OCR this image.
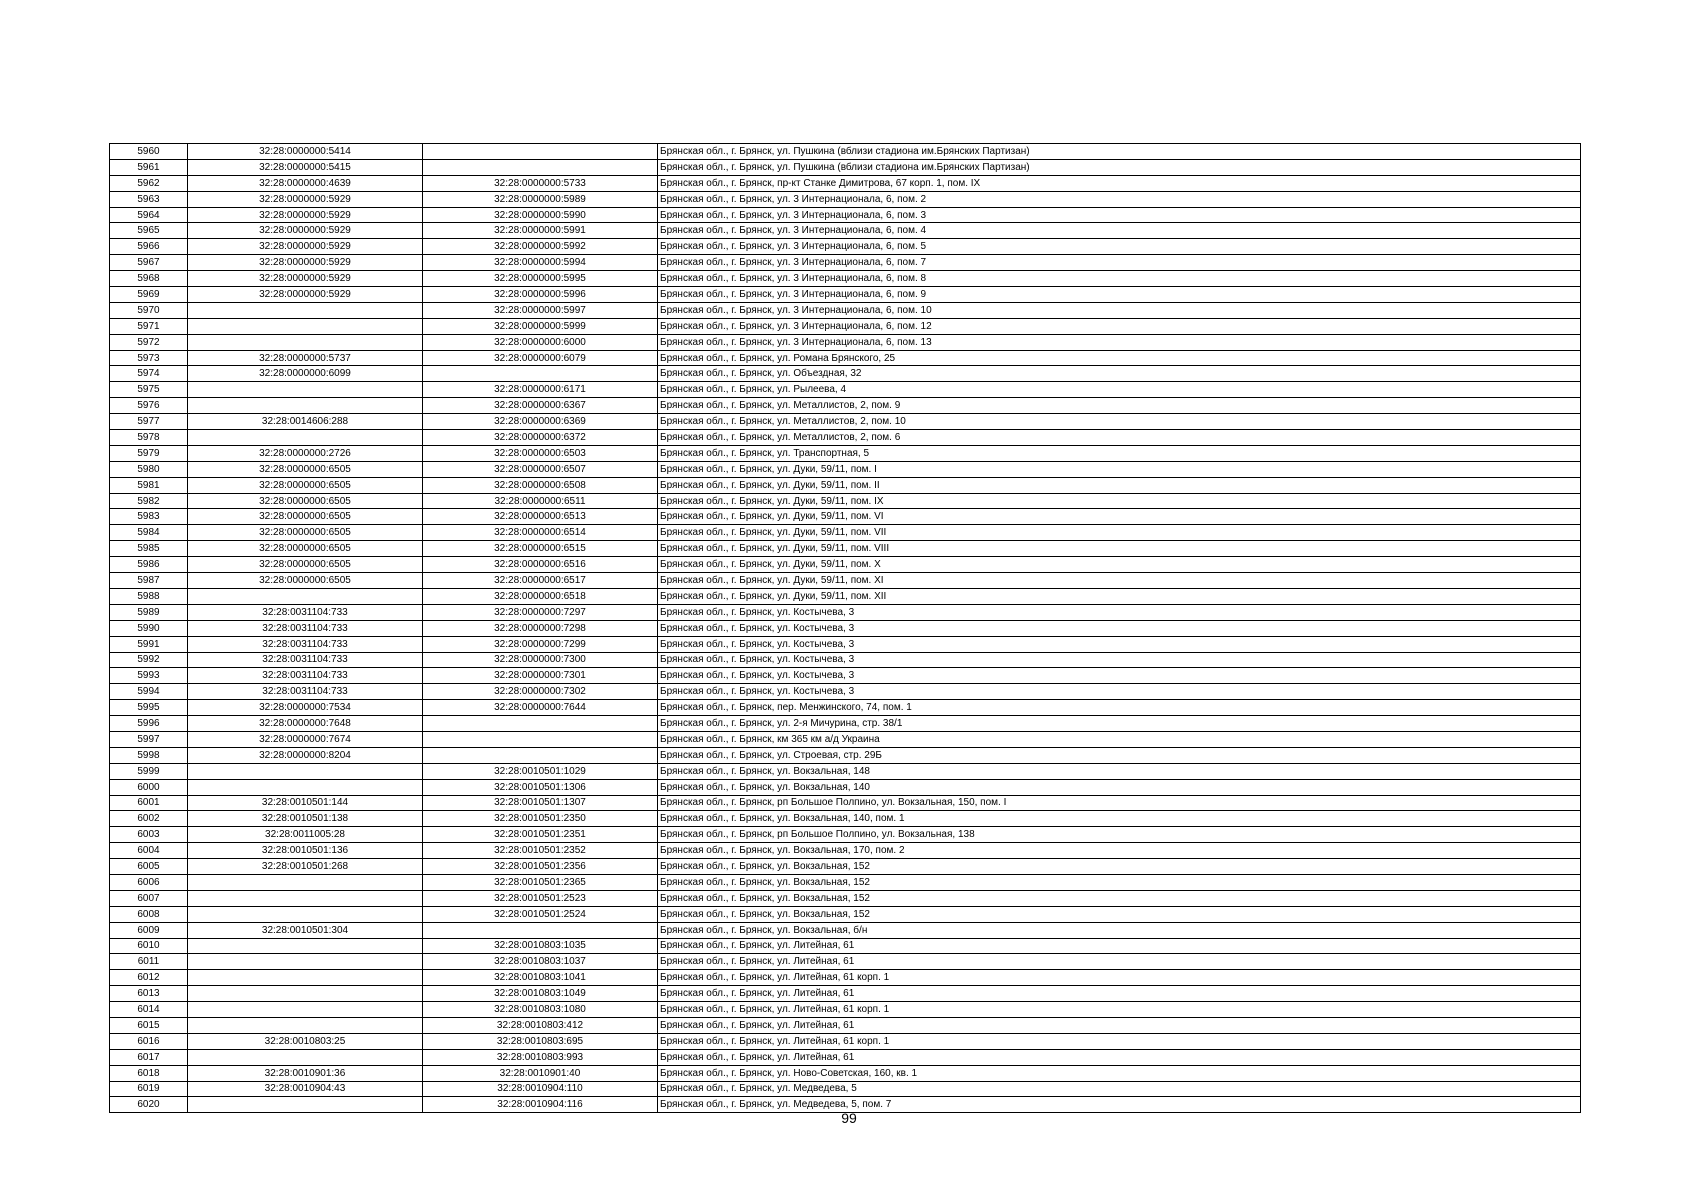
5960	32:28:0000000:5414		Брянская обл., г. Брянск, ул. Пушкина (вблизи стадиона им.Брянских Партизан)
5961	32:28:0000000:5415		Брянская обл., г. Брянск, ул. Пушкина (вблизи стадиона им.Брянских Партизан)
5962	32:28:0000000:4639	32:28:0000000:5733	Брянская обл., г. Брянск, пр-кт Станке Димитрова, 67 корп. 1, пом. IX
5963	32:28:0000000:5929	32:28:0000000:5989	Брянская обл., г. Брянск, ул. 3 Интернационала, 6, пом. 2
5964	32:28:0000000:5929	32:28:0000000:5990	Брянская обл., г. Брянск, ул. 3 Интернационала, 6, пом. 3
5965	32:28:0000000:5929	32:28:0000000:5991	Брянская обл., г. Брянск, ул. 3 Интернационала, 6, пом. 4
5966	32:28:0000000:5929	32:28:0000000:5992	Брянская обл., г. Брянск, ул. 3 Интернационала, 6, пом. 5
5967	32:28:0000000:5929	32:28:0000000:5994	Брянская обл., г. Брянск, ул. 3 Интернационала, 6, пом. 7
5968	32:28:0000000:5929	32:28:0000000:5995	Брянская обл., г. Брянск, ул. 3 Интернационала, 6, пом. 8
5969	32:28:0000000:5929	32:28:0000000:5996	Брянская обл., г. Брянск, ул. 3 Интернационала, 6, пом. 9
5970		32:28:0000000:5997	Брянская обл., г. Брянск, ул. 3 Интернационала, 6, пом. 10
5971		32:28:0000000:5999	Брянская обл., г. Брянск, ул. 3 Интернационала, 6, пом. 12
5972		32:28:0000000:6000	Брянская обл., г. Брянск, ул. 3 Интернационала, 6, пом. 13
5973	32:28:0000000:5737	32:28:0000000:6079	Брянская обл., г. Брянск, ул. Романа Брянского, 25
5974	32:28:0000000:6099		Брянская обл., г. Брянск, ул. Объездная, 32
5975		32:28:0000000:6171	Брянская обл., г. Брянск, ул. Рылеева, 4
5976		32:28:0000000:6367	Брянская обл., г. Брянск, ул. Металлистов, 2, пом. 9
5977	32:28:0014606:288	32:28:0000000:6369	Брянская обл., г. Брянск, ул. Металлистов, 2, пом. 10
5978		32:28:0000000:6372	Брянская обл., г. Брянск, ул. Металлистов, 2, пом. 6
5979	32:28:0000000:2726	32:28:0000000:6503	Брянская обл., г. Брянск, ул. Транспортная, 5
5980	32:28:0000000:6505	32:28:0000000:6507	Брянская обл., г. Брянск, ул. Дуки, 59/11, пом. I
5981	32:28:0000000:6505	32:28:0000000:6508	Брянская обл., г. Брянск, ул. Дуки, 59/11, пом. II
5982	32:28:0000000:6505	32:28:0000000:6511	Брянская обл., г. Брянск, ул. Дуки, 59/11, пом. IX
5983	32:28:0000000:6505	32:28:0000000:6513	Брянская обл., г. Брянск, ул. Дуки, 59/11, пом. VI
5984	32:28:0000000:6505	32:28:0000000:6514	Брянская обл., г. Брянск, ул. Дуки, 59/11, пом. VII
5985	32:28:0000000:6505	32:28:0000000:6515	Брянская обл., г. Брянск, ул. Дуки, 59/11, пом. VIII
5986	32:28:0000000:6505	32:28:0000000:6516	Брянская обл., г. Брянск, ул. Дуки, 59/11, пом. X
5987	32:28:0000000:6505	32:28:0000000:6517	Брянская обл., г. Брянск, ул. Дуки, 59/11, пом. XI
5988		32:28:0000000:6518	Брянская обл., г. Брянск, ул. Дуки, 59/11, пом. XII
5989	32:28:0031104:733	32:28:0000000:7297	Брянская обл., г. Брянск, ул. Костычева, 3
5990	32:28:0031104:733	32:28:0000000:7298	Брянская обл., г. Брянск, ул. Костычева, 3
5991	32:28:0031104:733	32:28:0000000:7299	Брянская обл., г. Брянск, ул. Костычева, 3
5992	32:28:0031104:733	32:28:0000000:7300	Брянская обл., г. Брянск, ул. Костычева, 3
5993	32:28:0031104:733	32:28:0000000:7301	Брянская обл., г. Брянск, ул. Костычева, 3
5994	32:28:0031104:733	32:28:0000000:7302	Брянская обл., г. Брянск, ул. Костычева, 3
5995	32:28:0000000:7534	32:28:0000000:7644	Брянская обл., г. Брянск, пер. Менжинского, 74, пом. 1
5996	32:28:0000000:7648		Брянская обл., г. Брянск, ул. 2-я Мичурина, стр. 38/1
5997	32:28:0000000:7674		Брянская обл., г. Брянск, км 365 км а/д Украина
5998	32:28:0000000:8204		Брянская обл., г. Брянск, ул. Строевая, стр. 29Б
5999		32:28:0010501:1029	Брянская обл., г. Брянск, ул. Вокзальная, 148
6000		32:28:0010501:1306	Брянская обл., г. Брянск, ул. Вокзальная, 140
6001	32:28:0010501:144	32:28:0010501:1307	Брянская обл., г. Брянск, рп Большое Полпино, ул. Вокзальная, 150, пом. I
6002	32:28:0010501:138	32:28:0010501:2350	Брянская обл., г. Брянск, ул. Вокзальная, 140, пом. 1
6003	32:28:0011005:28	32:28:0010501:2351	Брянская обл., г. Брянск, рп Большое Полпино, ул. Вокзальная, 138
6004	32:28:0010501:136	32:28:0010501:2352	Брянская обл., г. Брянск, ул. Вокзальная, 170, пом. 2
6005	32:28:0010501:268	32:28:0010501:2356	Брянская обл., г. Брянск, ул. Вокзальная, 152
6006		32:28:0010501:2365	Брянская обл., г. Брянск, ул. Вокзальная, 152
6007		32:28:0010501:2523	Брянская обл., г. Брянск, ул. Вокзальная, 152
6008		32:28:0010501:2524	Брянская обл., г. Брянск, ул. Вокзальная, 152
6009	32:28:0010501:304		Брянская обл., г. Брянск, ул. Вокзальная, б/н
6010		32:28:0010803:1035	Брянская обл., г. Брянск, ул. Литейная, 61
6011		32:28:0010803:1037	Брянская обл., г. Брянск, ул. Литейная, 61
6012		32:28:0010803:1041	Брянская обл., г. Брянск, ул. Литейная, 61 корп. 1
6013		32:28:0010803:1049	Брянская обл., г. Брянск, ул. Литейная, 61
6014		32:28:0010803:1080	Брянская обл., г. Брянск, ул. Литейная, 61 корп. 1
6015		32:28:0010803:412	Брянская обл., г. Брянск, ул. Литейная, 61
6016	32:28:0010803:25	32:28:0010803:695	Брянская обл., г. Брянск, ул. Литейная, 61 корп. 1
6017		32:28:0010803:993	Брянская обл., г. Брянск, ул. Литейная, 61
6018	32:28:0010901:36	32:28:0010901:40	Брянская обл., г. Брянск, ул. Ново-Советская, 160, кв. 1
6019	32:28:0010904:43	32:28:0010904:110	Брянская обл., г. Брянск, ул. Медведева, 5
6020		32:28:0010904:116	Брянская обл., г. Брянск, ул. Медведева, 5, пом. 7
99
